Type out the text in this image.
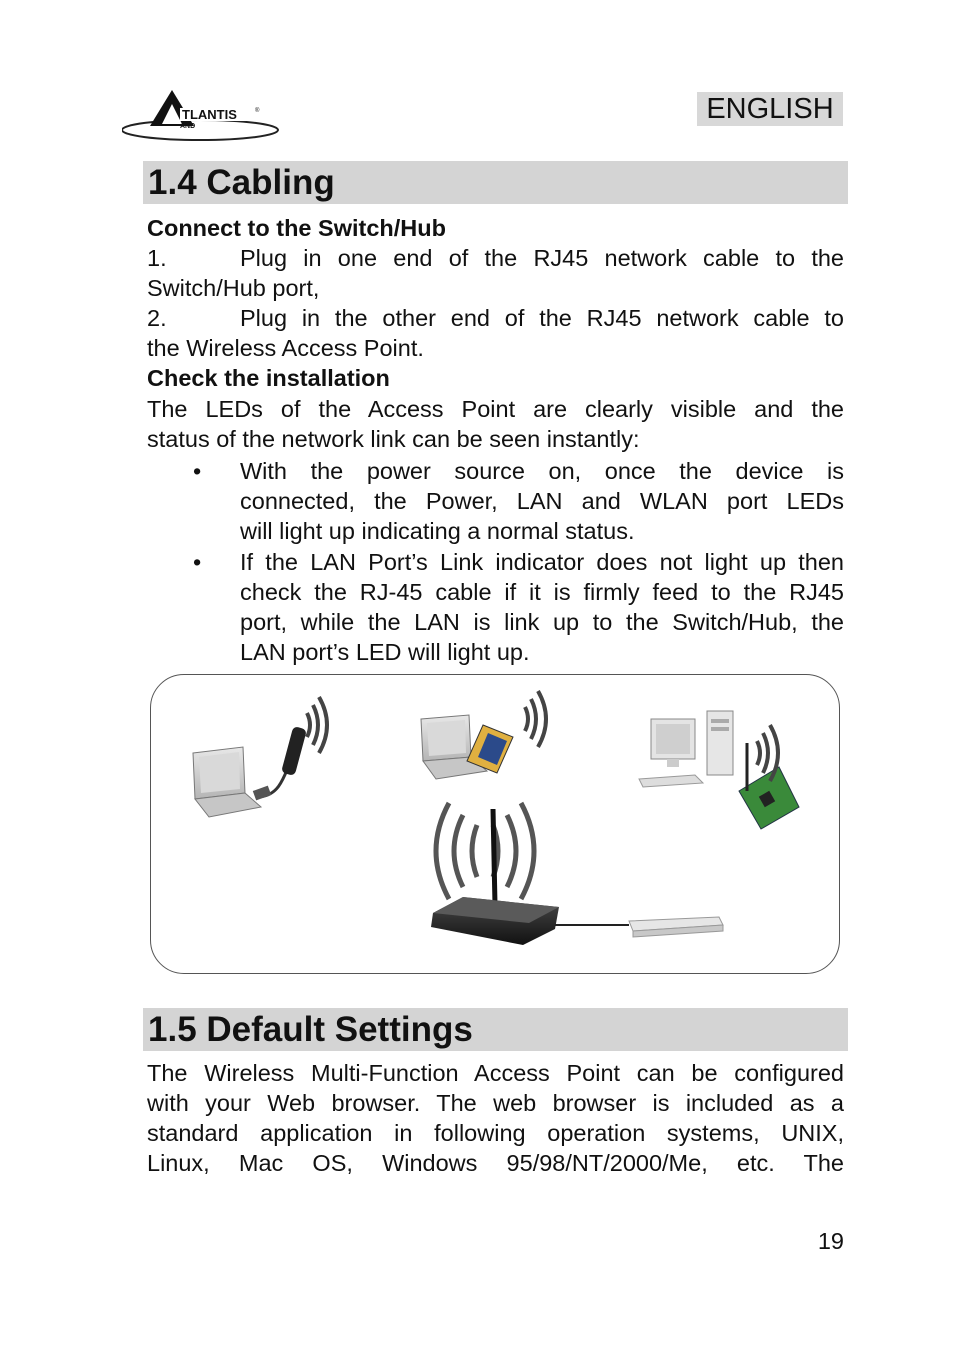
TLANTIS	®
AND
ENGLISH
1.4 Cabling
Connect to the Switch/Hub
1.	Plug in one end of the RJ45 network cable to the
Switch/Hub port,
2.	Plug in the other end of the RJ45 network cable to
the Wireless Access Point.
Check the installation
The LEDs of the Access Point are clearly visible and the
status of the network link can be seen instantly:
• With the power source on, once the device is
connected, the Power, LAN and WLAN port LEDs
will light up indicating a normal status.
• If the LAN Port’s Link indicator does not light up then
check the RJ-45 cable if it is firmly feed to the RJ45
port, while the LAN is link up to the Switch/Hub, the
LAN port’s LED will light up.
1.5 Default Settings
The Wireless Multi-Function Access Point can be configured
with your Web browser. The web browser is included as a
standard application in following operation systems, UNIX,
Linux, Mac OS, Windows 95/98/NT/2000/Me, etc. The
19
